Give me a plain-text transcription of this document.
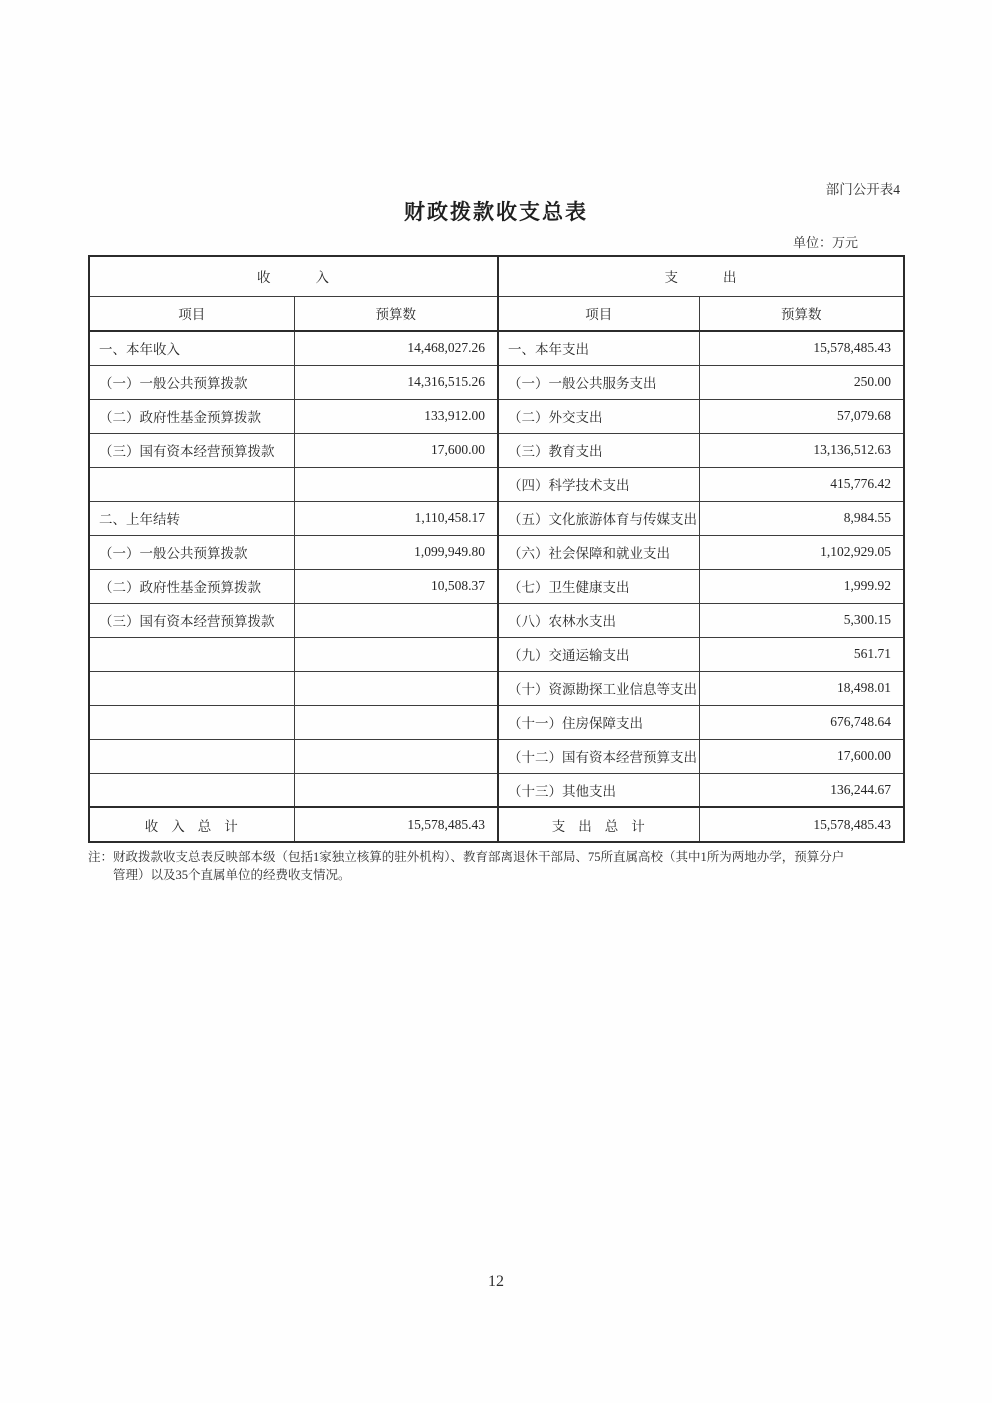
部门公开表4
财政拨款收支总表
单位：万元
收入		支出	
项目	预算数	项目	预算数
一、本年收入	14,468,027.26	一、本年支出	15,578,485.43
（一）一般公共预算拨款	14,316,515.26	（一）一般公共服务支出	250.00
（二）政府性基金预算拨款	133,912.00	（二）外交支出	57,079.68
（三）国有资本经营预算拨款	17,600.00	（三）教育支出	13,136,512.63
		（四）科学技术支出	415,776.42
二、上年结转	1,110,458.17	（五）文化旅游体育与传媒支出	8,984.55
（一）一般公共预算拨款	1,099,949.80	（六）社会保障和就业支出	1,102,929.05
（二）政府性基金预算拨款	10,508.37	（七）卫生健康支出	1,999.92
（三）国有资本经营预算拨款		（八）农林水支出	5,300.15
		（九）交通运输支出	561.71
		（十）资源勘探工业信息等支出	18,498.01
		（十一）住房保障支出	676,748.64
		（十二）国有资本经营预算支出	17,600.00
		（十三）其他支出	136,244.67
收入总计	15,578,485.43	支出总计	15,578,485.43
注： 财政拨款收支总表反映部本级（包括1家独立核算的驻外机构）、教育部离退休干部局、75所直属高校（其中1所为两地办学，预算分户
管理）以及35个直属单位的经费收支情况。
12
